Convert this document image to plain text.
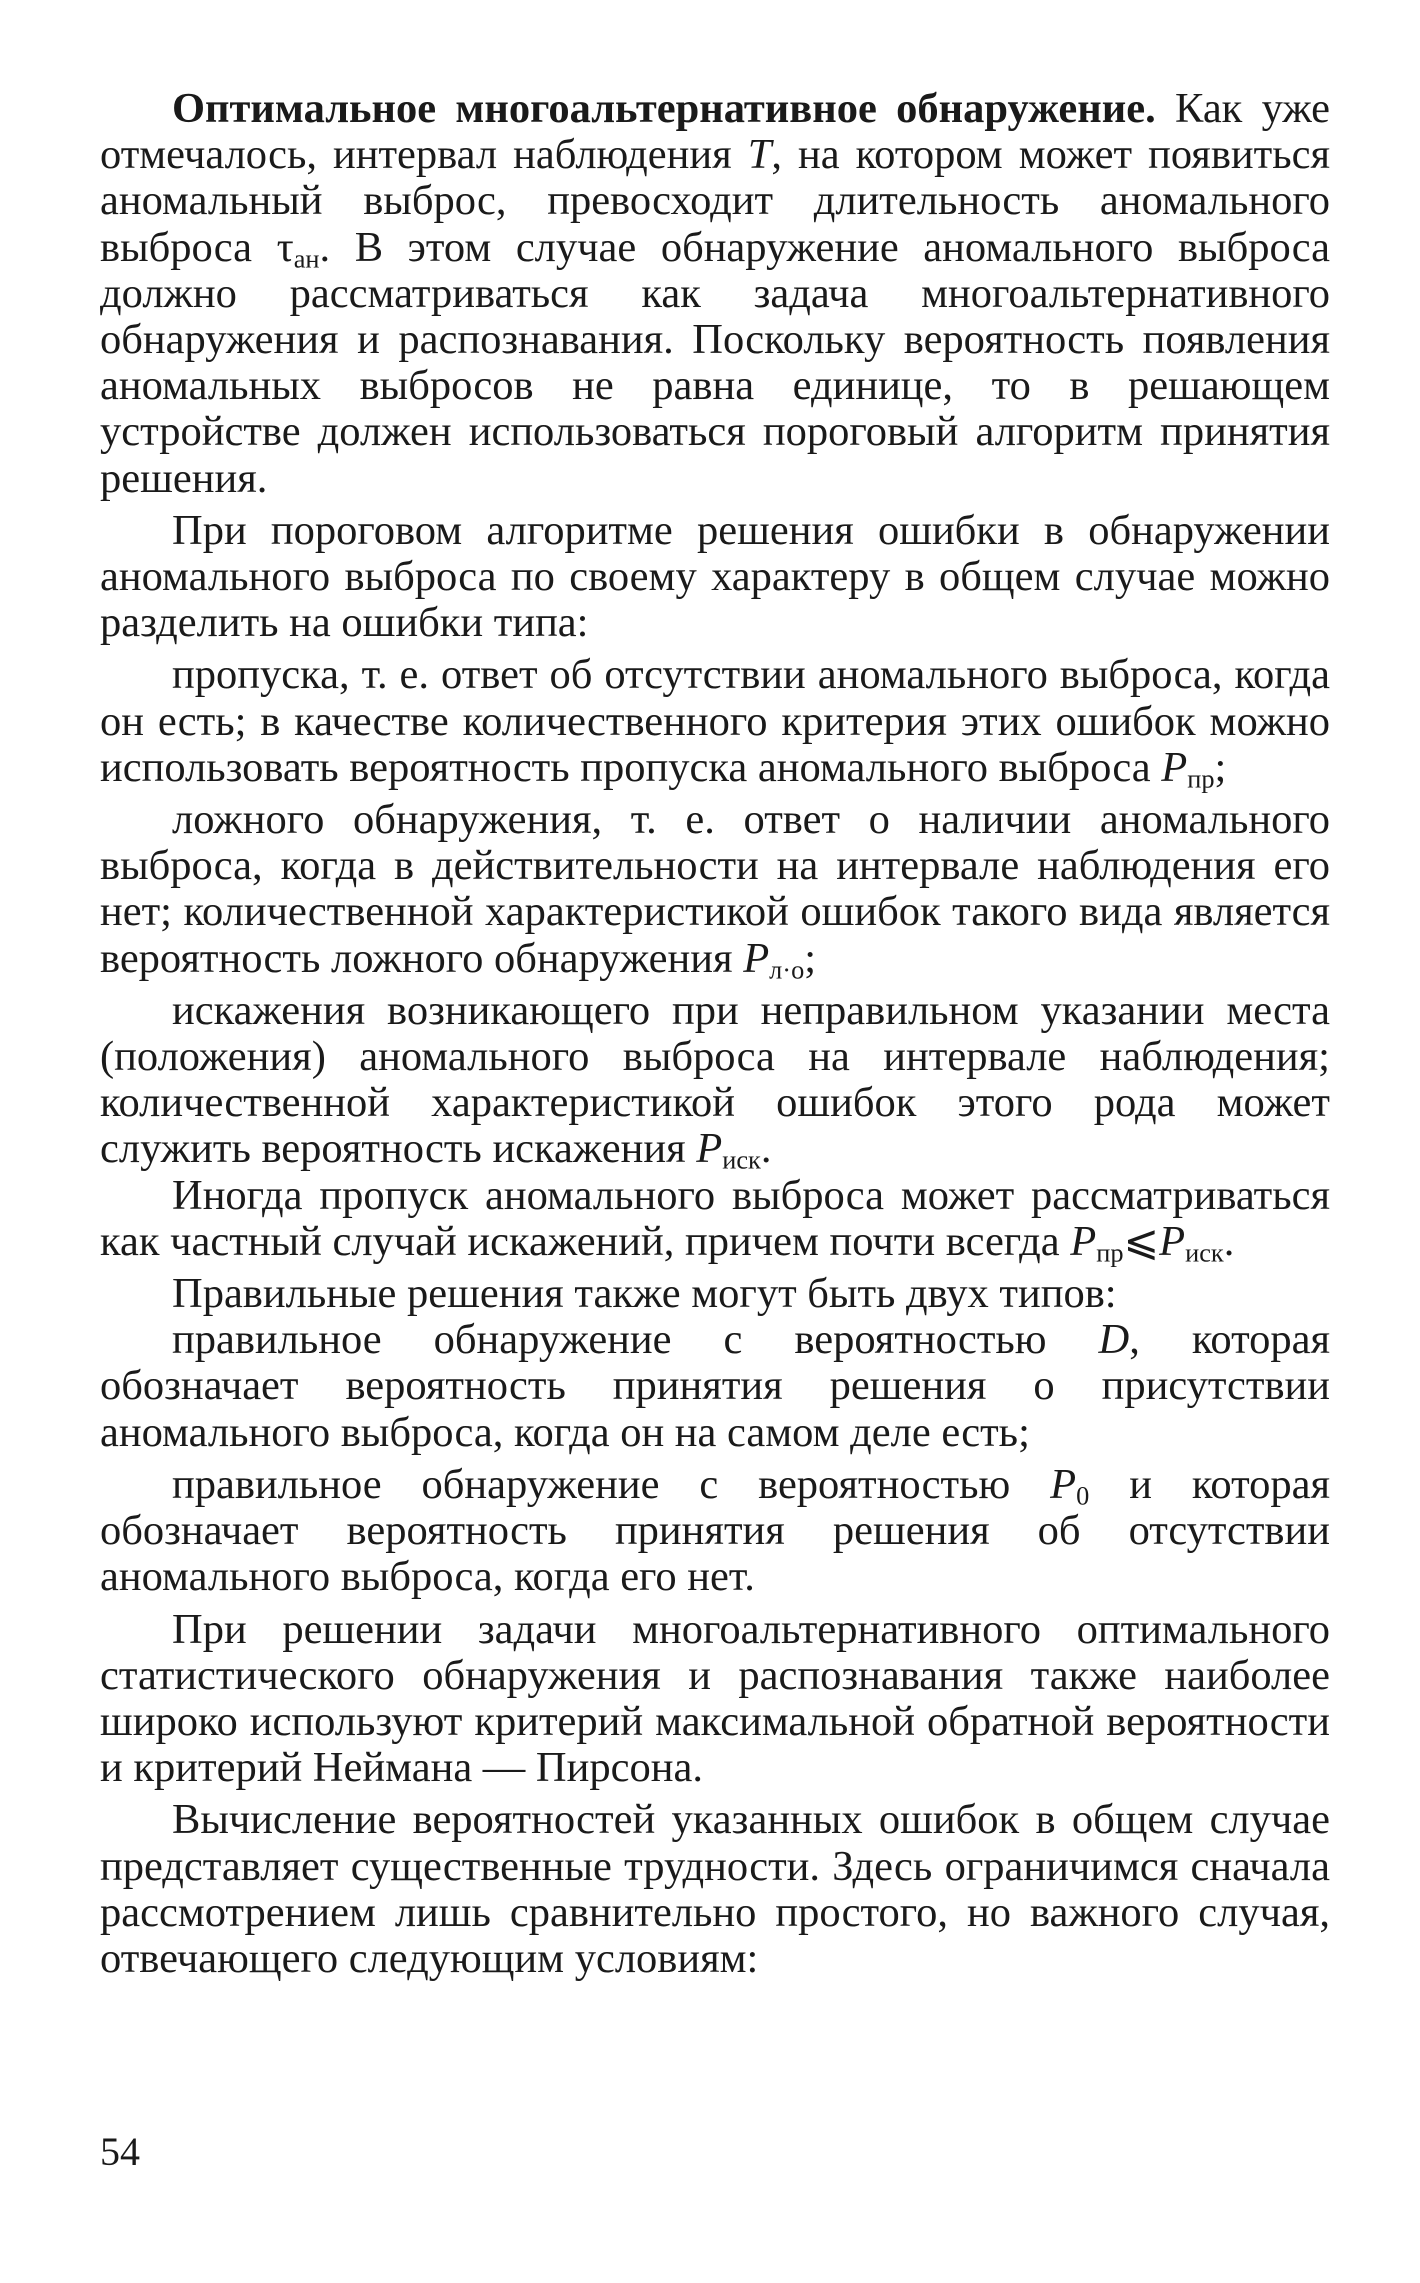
Оптимальное многоальтернативное обнаружение. Как уже отмечалось, интервал наблюдения T, на котором может появиться аномальный выброс, превосходит длительность аномального выброса $\tau_{ан}$. В этом случае обнаружение аномального выброса должно рассматриваться как задача многоальтернативного обнаружения и распознавания. Поскольку вероятность появления аномальных выбросов не равна единице, то в решающем устройстве должен использоваться пороговый алгоритм принятия решения.

При пороговом алгоритме решения ошибки в обнаружении аномального выброса по своему характеру в общем случае можно разделить на ошибки типа:

пропуска, т. е. ответ об отсутствии аномального выброса, когда он есть; в качестве количественного критерия этих ошибок можно использовать вероятность пропуска аномального выброса $P_{пр}$;

ложного обнаружения, т. е. ответ о наличии аномального выброса, когда в действительности на интервале наблюдения его нет; количественной характеристикой ошибок такого вида является вероятность ложного обнаружения $P_{л\cdot о}$;

искажения возникающего при неправильном указании места (положения) аномального выброса на интервале наблюдения; количественной характеристикой ошибок этого рода может служить вероятность искажения $P_{иск}$.

Иногда пропуск аномального выброса может рассматриваться как частный случай искажений, причем почти всегда $P_{пр}⩽P_{иск}$.

Правильные решения также могут быть двух типов:

правильное обнаружение с вероятностью D, которая обозначает вероятность принятия решения о присутствии аномального выброса, когда он на самом деле есть;

правильное обнаружение с вероятностью $P_0$ и которая обозначает вероятность принятия решения об отсутствии аномального выброса, когда его нет.

При решении задачи многоальтернативного оптимального статистического обнаружения и распознавания также наиболее широко используют критерий максимальной обратной вероятности и критерий Неймана — Пирсона.

Вычисление вероятностей указанных ошибок в общем случае представляет существенные трудности. Здесь ограничимся сначала рассмотрением лишь сравнительно простого, но важного случая, отвечающего следующим условиям:

54
